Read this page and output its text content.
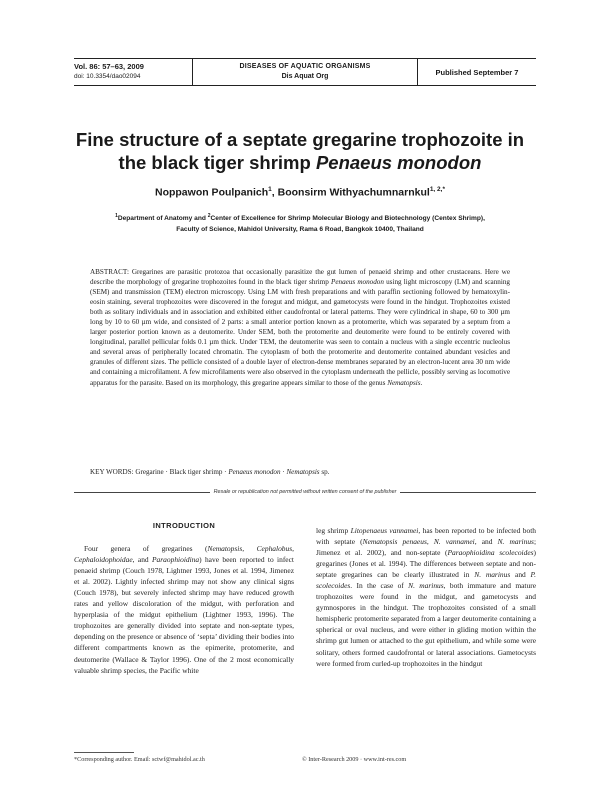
Vol. 86: 57–63, 2009
doi: 10.3354/dao02094
DISEASES OF AQUATIC ORGANISMS
Dis Aquat Org	Published September 7
Fine structure of a septate gregarine trophozoite in
the black tiger shrimp Penaeus monodon
Noppawon Poulpanich$^1$, Boonsirm Withyachumnarnkul$^{1, 2,*}$
$^1$Department of Anatomy and $^2$Center of Excellence for Shrimp Molecular Biology and Biotechnology (Centex Shrimp),
Faculty of Science, Mahidol University, Rama 6 Road, Bangkok 10400, Thailand

ABSTRACT: Gregarines are parasitic protozoa that occasionally parasitize the gut lumen of penaeid shrimp and other crustaceans. Here we describe the morphology of gregarine trophozoites found in the black tiger shrimp Penaeus monodon using light microscopy (LM) and scanning (SEM) and transmission (TEM) electron microscopy. Using LM with fresh preparations and with paraffin sectioning followed by hematoxylin-eosin staining, several trophozoites were discovered in the foregut and midgut, and gametocysts were found in the hindgut. Trophozoites existed both as solitary individuals and in association and exhibited either caudofrontal or lateral patterns. They were cylindrical in shape, 60 to 300 µm long by 10 to 60 µm wide, and consisted of 2 parts: a small anterior portion known as a protomerite, which was separated by a septum from a larger posterior portion known as a deutomerite. Under SEM, both the protomerite and deutomerite were found to be entirely covered with longitudinal, parallel pellicular folds 0.1 µm thick. Under TEM, the deutomerite was seen to contain a nucleus with a single eccentric nucleolus and several areas of peripherally located chromatin. The cytoplasm of both the protomerite and deutomerite contained abundant vesicles and granules of different sizes. The pellicle consisted of a double layer of electron-dense membranes separated by an electron-lucent area 30 nm wide and containing a microfilament. A few microfilaments were also observed in the cytoplasm underneath the pellicle, possibly serving as locomotive apparatus for the parasite. Based on its morphology, this gregarine appears similar to those of the genus Nematopsis.

KEY WORDS: Gregarine · Black tiger shrimp · Penaeus monodon · Nematopsis sp.
Resale or republication not permitted without written consent of the publisher
INTRODUCTION

Four genera of gregarines (Nematopsis, Cephalobus, Cephaloidophoidae, and Paraophioidina) have been reported to infect penaeid shrimp (Couch 1978, Lightner 1993, Jones et al. 1994, Jimenez et al. 2002). Lightly infected shrimp may not show any clinical signs (Couch 1978), but severely infected shrimp may have reduced growth rates and yellow discoloration of the midgut, with perforation and hyperplasia of the midgut epithelium (Lightner 1993, 1996). The trophozoites are generally divided into septate and non-septate types, depending on the presence or absence of ‘septa’ dividing their bodies into different compartments known as the epimerite, protomerite, and deutomerite (Wallace & Taylor 1996). One of the 2 most economically valuable shrimp species, the Pacific white

leg shrimp Litopenaeus vannamei, has been reported to be infected both with septate (Nematopsis penaeus, N. vannamei, and N. marinus; Jimenez et al. 2002), and non-septate (Paraophioidina scolecoides) gregarines (Jones et al. 1994). The differences between septate and non-septate gregarines can be clearly illustrated in N. marinus and P. scolecoides. In the case of N. marinus, both immature and mature trophozoites were found in the midgut, and gametocysts and gymnospores in the hindgut. The trophozoites consisted of a small hemispheric protomerite separated from a larger deutomerite containing a spherical or oval nucleus, and were either in gliding motion within the shrimp gut lumen or attached to the gut epithelium, and while some were solitary, others formed caudofrontal or lateral associations. Gametocysts were formed from curled-up trophozoites in the hindgut

*Corresponding author. Email: sctwf@mahidol.ac.th	© Inter-Research 2009 · www.int-res.com
